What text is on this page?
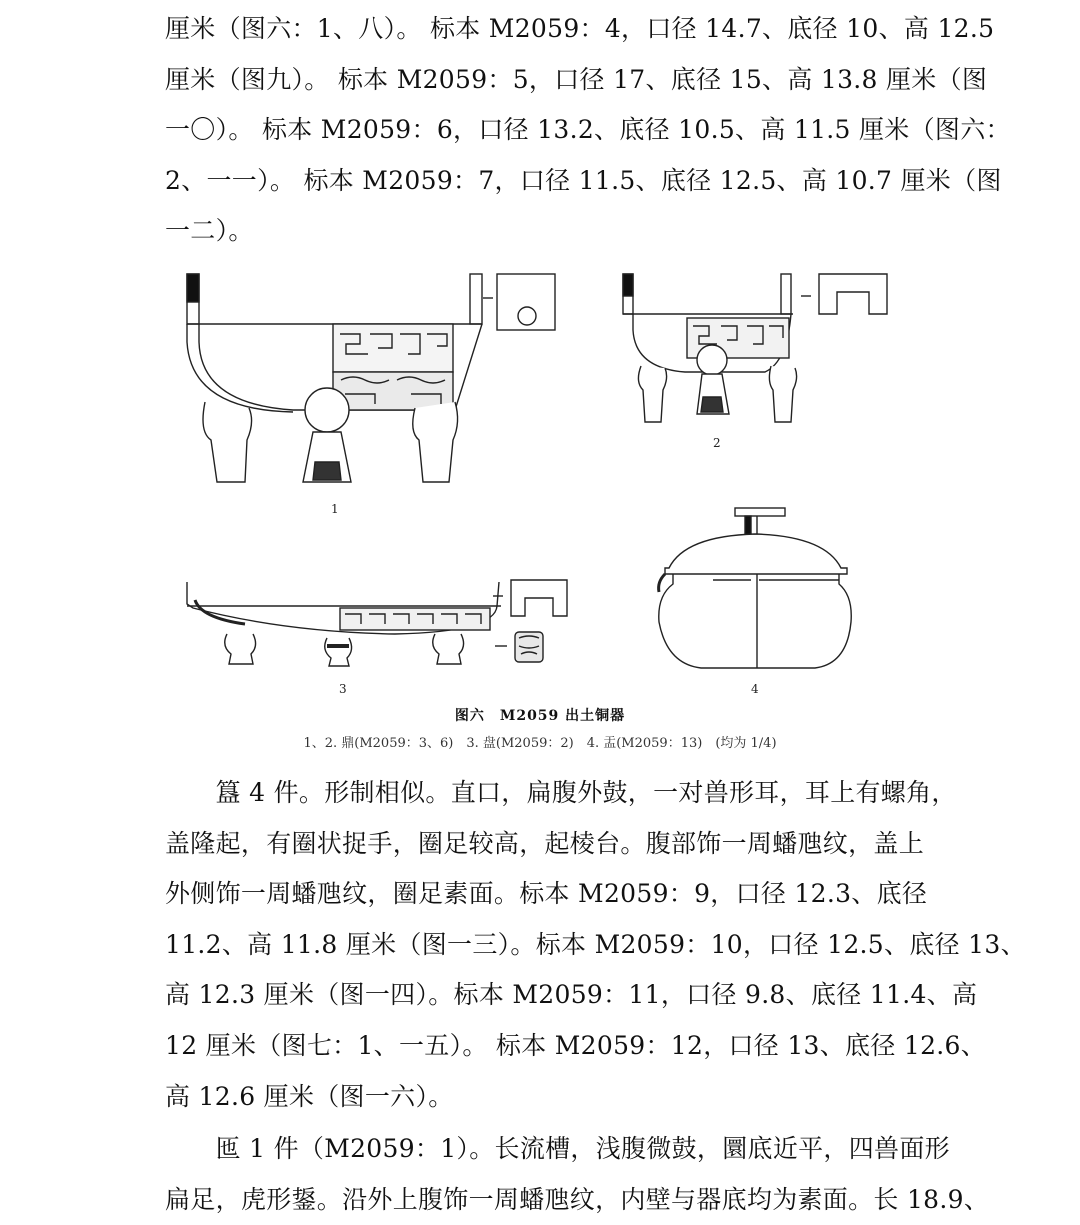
厘米（图六：1、八）。 标本 M2059：4，口径 14.7、底径 10、高 12.5
厘米（图九）。 标本 M2059：5，口径 17、底径 15、高 13.8 厘米（图
一〇）。 标本 M2059：6，口径 13.2、底径 10.5、高 11.5 厘米（图六：
2、一一）。 标本 M2059：7，口径 11.5、底径 12.5、高 10.7 厘米（图
一二）。
1
2
3	4
图六　M2059 出土铜器
1、2. 鼎(M2059：3、6)　3. 盘(M2059：2)　4. 盂(M2059：13)　(均为 1/4)
　　簋 4 件。形制相似。直口，扁腹外鼓，一对兽形耳，耳上有螺角，
盖隆起，有圈状捉手，圈足较高，起棱台。腹部饰一周蟠虺纹，盖上
外侧饰一周蟠虺纹，圈足素面。标本 M2059：9，口径 12.3、底径
11.2、高 11.8 厘米（图一三）。标本 M2059：10，口径 12.5、底径 13、
高 12.3 厘米（图一四）。标本 M2059：11，口径 9.8、底径 11.4、高
12 厘米（图七：1、一五）。 标本 M2059：12，口径 13、底径 12.6、
高 12.6 厘米（图一六）。
　　匜 1 件（M2059：1）。长流槽，浅腹微鼓，圜底近平，四兽面形
扁足，虎形鋬。沿外上腹饰一周蟠虺纹，内壁与器底均为素面。长 18.9、
